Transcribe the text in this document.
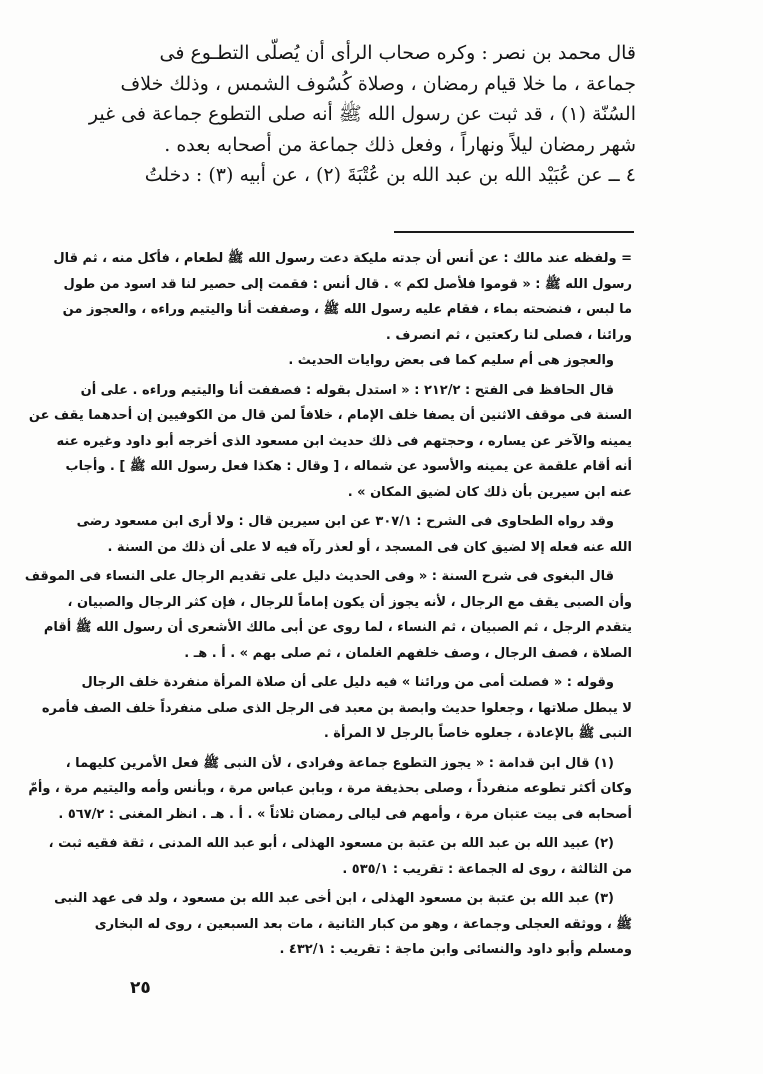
قال محمد بن نصر : وكره صحاب الرأى أن يُصلّى التطـوع فى
جماعة ، ما خلا قيام رمضان ، وصلاة كُسُوف الشمس ، وذلك خلاف
السُنّة (١) ، قد ثبت عن رسول الله ﷺ أنه صلى التطوع جماعة فى غير
شهر رمضان ليلاً ونهاراً ، وفعل ذلك جماعة من أصحابه بعده .
٤ ــ عن عُبَيْد الله بن عبد الله بن عُتْبَةَ (٢) ، عن أبيه (٣) : دخلتُ
= ولفظه عند مالك : عن أنس أن جدته مليكة دعت رسول الله ﷺ لطعام ، فأكل منه ، ثم قال
رسول الله ﷺ : « قوموا فلأصل لكم » . قال أنس : فقمت إلى حصير لنا قد اسود من طول
ما لبس ، فنضحته بماء ، فقام عليه رسول الله ﷺ ، وصففت أنا واليتيم وراءه ، والعجوز من
ورائنا ، فصلى لنا ركعتين ، ثم انصرف .
والعجوز هى أم سليم كما فى بعض روايات الحديث .
قال الحافظ فى الفتح : ٢١٢/٢ : « استدل بقوله : فصففت أنا واليتيم وراءه . على أن
السنة فى موقف الاثنين أن يصفا خلف الإمام ، خلافاً لمن قال من الكوفيين إن أحدهما يقف عن
يمينه والآخر عن يساره ، وحجتهم فى ذلك حديث ابن مسعود الذى أخرجه أبو داود وغيره عنه
أنه أقام علقمة عن يمينه والأسود عن شماله ، [ وقال : هكذا فعل رسول الله ﷺ ] . وأجاب
عنه ابن سيرين بأن ذلك كان لضيق المكان » .
وقد رواه الطحاوى فى الشرح : ٣٠٧/١ عن ابن سيرين قال : ولا أرى ابن مسعود رضى
الله عنه فعله إلا لضيق كان فى المسجد ، أو لعذر رآه فيه لا على أن ذلك من السنة .
قال البغوى فى شرح السنة : « وفى الحديث دليل على تقديم الرجال على النساء فى الموقف
وأن الصبى يقف مع الرجال ، لأنه يجوز أن يكون إماماً للرجال ، فإن كثر الرجال والصبيان ،
يتقدم الرجل ، ثم الصبيان ، ثم النساء ، لما روى عن أبى مالك الأشعرى أن رسول الله ﷺ أقام
الصلاة ، فصف الرجال ، وصف خلفهم الغلمان ، ثم صلى بهم » . أ . هـ .
وقوله : « فصلت أمى من ورائنا » فيه دليل على أن صلاة المرأة منفردة خلف الرجال
لا يبطل صلاتها ، وجعلوا حديث وابصة بن معبد فى الرجل الذى صلى منفرداً خلف الصف فأمره
النبى ﷺ بالإعادة ، جعلوه خاصاً بالرجل لا المرأة .
(١) قال ابن قدامة : « يجوز التطوع جماعة وفرادى ، لأن النبى ﷺ فعل الأمرين كليهما ،
وكان أكثر تطوعه منفرداً ، وصلى بحذيفة مرة ، وبابن عباس مرة ، وبأنس وأمه واليتيم مرة ، وأمّ
أصحابه فى بيت عتبان مرة ، وأمهم فى ليالى رمضان ثلاثاً » . أ . هـ . انظر المغنى : ٥٦٧/٢ .
(٢) عبيد الله بن عبد الله بن عتبة بن مسعود الهذلى ، أبو عبد الله المدنى ، ثقة فقيه ثبت ،
من الثالثة ، روى له الجماعة : تقريب : ٥٣٥/١ .
(٣) عبد الله بن عتبة بن مسعود الهذلى ، ابن أخى عبد الله بن مسعود ، ولد فى عهد النبى
ﷺ ، ووثقه العجلى وجماعة ، وهو من كبار الثانية ، مات بعد السبعين ، روى له البخارى
ومسلم وأبو داود والنسائى وابن ماجة : تقريب : ٤٣٢/١ .
٢٥
